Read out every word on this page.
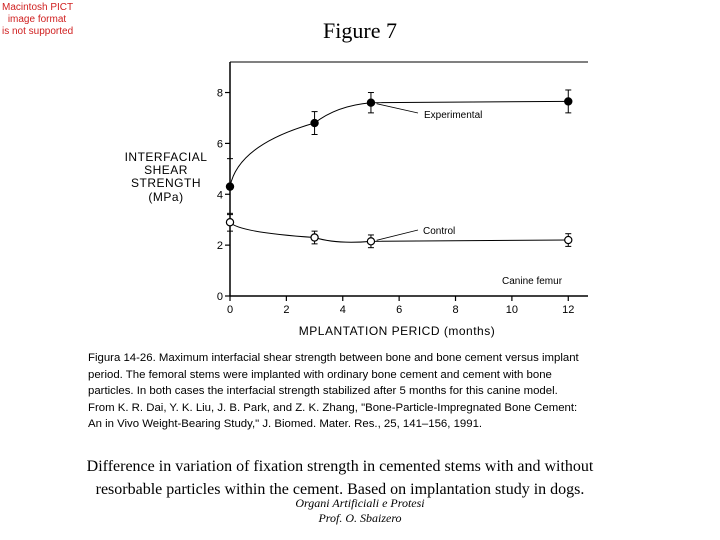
Macintosh PICT
image format
is not supported	Figure 7
INTERFACIAL
SHEAR
STRENGTH
(MPa)
MPLANTATION PERICD (months)
0
2
4
6
8
0	2	4	6	8	10	12
Experimental
Control
Canine femur
Figura 14-26. Maximum interfacial shear strength between bone and bone cement versus implant
period. The femoral stems were implanted with ordinary bone cement and cement with bone
particles. In both cases the interfacial strength stabilized after 5 months for this canine model.
From K. R. Dai, Y. K. Liu, J. B. Park, and Z. K. Zhang, "Bone-Particle-Impregnated Bone Cement:
An in Vivo Weight-Bearing Study," J. Biomed. Mater. Res., 25, 141–156, 1991.
Difference in variation of fixation strength in cemented stems with and without
resorbable particles within the cement. Based on implantation study in dogs.
Organi Artificiali e Protesi
Prof. O. Sbaizero
